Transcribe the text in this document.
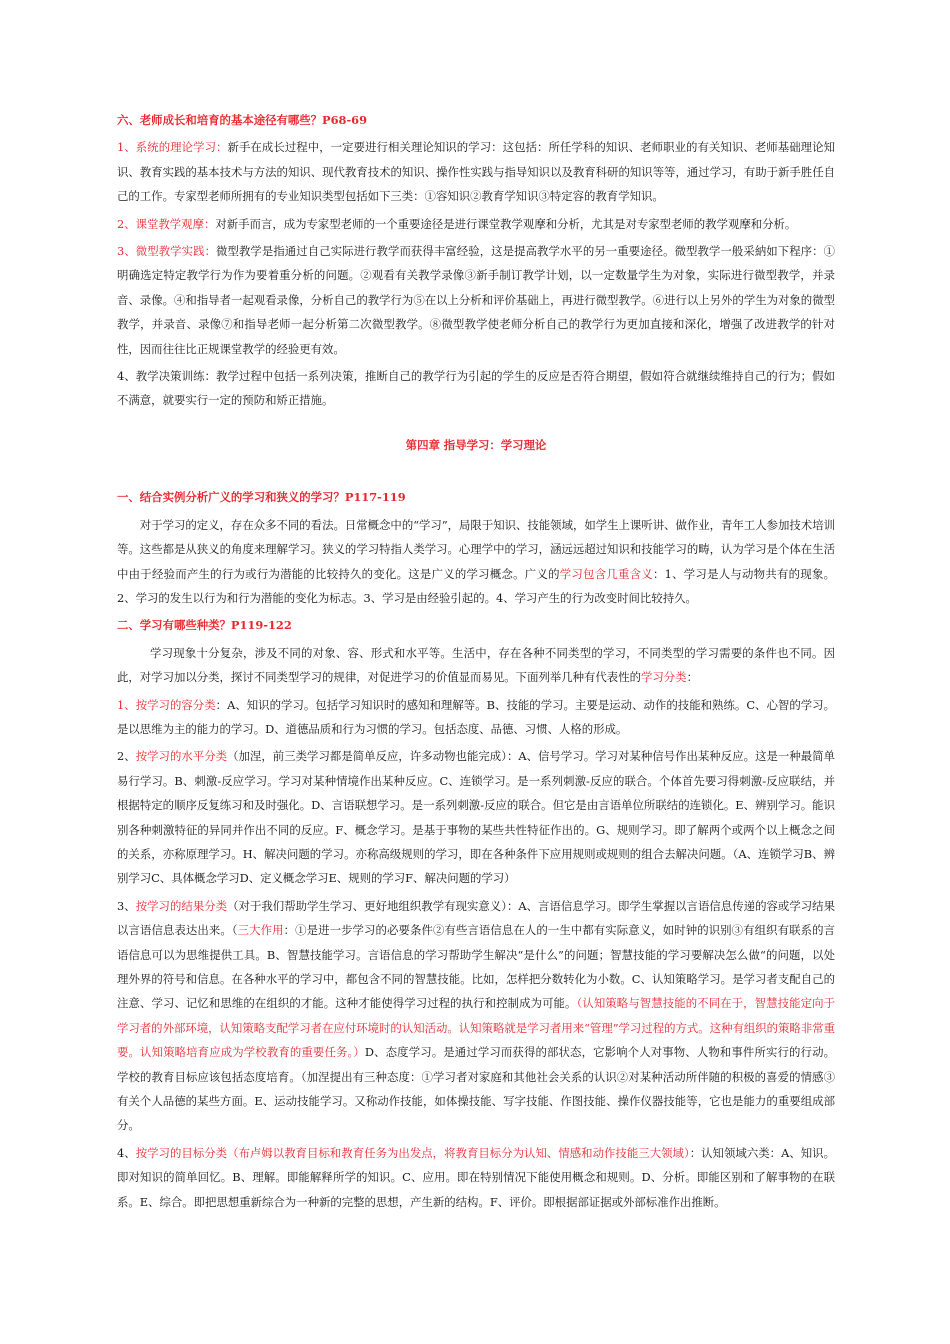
六、老师成长和培育的基本途径有哪些？P68-69

1、系统的理论学习：新手在成长过程中，一定要进行相关理论知识的学习：这包括：所任学科的知识、老师职业的有关知识、老师基础理论知识、教育实践的基本技术与方法的知识、现代教育技术的知识、操作性实践与指导知识以及教育科研的知识等等，通过学习，有助于新手胜任自己的工作。专家型老师所拥有的专业知识类型包括如下三类：①容知识②教育学知识③特定容的教育学知识。

2、课堂教学观摩：对新手而言，成为专家型老师的一个重要途径是进行课堂教学观摩和分析，尤其是对专家型老师的教学观摩和分析。

3、微型教学实践：微型教学是指通过自己实际进行教学而获得丰富经验，这是提高教学水平的另一重要途径。微型教学一般采納如下程序：①明确选定特定教学行为作为要着重分析的问题。②观看有关教学录像③新手制订教学计划，以一定数量学生为对象，实际进行微型教学，并录音、录像。④和指导者一起观看录像，分析自己的教学行为⑤在以上分析和评价基础上，再进行微型教学。⑥进行以上另外的学生为对象的微型教学，并录音、录像⑦和指导老师一起分析第二次微型教学。⑧微型教学使老师分析自己的教学行为更加直接和深化，增强了改进教学的针对性，因而往往比正规课堂教学的经验更有效。

4、教学决策训练：教学过程中包括一系列决策，推断自己的教学行为引起的学生的反应是否符合期望，假如符合就继续维持自己的行为；假如不满意，就要实行一定的预防和矫正措施。

第四章 指导学习：学习理论

一、结合实例分析广义的学习和狭义的学习？P117-119

对于学习的定义，存在众多不同的看法。日常概念中的“学习”，局限于知识、技能领域，如学生上课听讲、做作业，青年工人参加技术培训等。这些都是从狭义的角度来理解学习。狭义的学习特指人类学习。心理学中的学习，涵远远超过知识和技能学习的畴，认为学习是个体在生活中由于经验而产生的行为或行为潜能的比较持久的变化。这是广义的学习概念。广义的学习包含几重含义：1、学习是人与动物共有的现象。2、学习的发生以行为和行为潜能的变化为标志。3、学习是由经验引起的。4、学习产生的行为改变时间比较持久。

二、学习有哪些种类？P119-122

学习现象十分复杂，涉及不同的对象、容、形式和水平等。生活中，存在各种不同类型的学习，不同类型的学习需要的条件也不同。因此，对学习加以分类，探讨不同类型学习的规律，对促进学习的价值显而易见。下面列举几种有代表性的学习分类：

1、按学习的容分类：A、知识的学习。包括学习知识时的感知和理解等。B、技能的学习。主要是运动、动作的技能和熟练。C、心智的学习。是以思维为主的能力的学习。D、道德品质和行为习惯的学习。包括态度、品德、习惯、人格的形成。

2、按学习的水平分类（加涅，前三类学习都是简单反应，许多动物也能完成）：A、信号学习。学习对某种信号作出某种反应。这是一种最简单易行学习。B、刺激-反应学习。学习对某种情境作出某种反应。C、连锁学习。是一系列刺激-反应的联合。个体首先要习得刺激-反应联结，并根据特定的顺序反复练习和及时强化。D、言语联想学习。是一系列刺激-反应的联合。但它是由言语单位所联结的连锁化。E、辨别学习。能识别各种刺激特征的异同并作出不同的反应。F、概念学习。是基于事物的某些共性特征作出的。G、规则学习。即了解两个或两个以上概念之间的关系，亦称原理学习。H、解决问题的学习。亦称高级规则的学习，即在各种条件下应用规则或规则的组合去解决问题。（A、连锁学习B、辨别学习C、具体概念学习D、定义概念学习E、规则的学习F、解决问题的学习）

3、按学习的结果分类（对于我们帮助学生学习、更好地组织教学有现实意义）：A、言语信息学习。即学生掌握以言语信息传递的容或学习结果以言语信息表达出来。（三大作用：①是进一步学习的必要条件②有些言语信息在人的一生中都有实际意义，如时钟的识别③有组织有联系的言语信息可以为思维提供工具。B、智慧技能学习。言语信息的学习帮助学生解决“是什么”的问题；智慧技能的学习要解决怎么做“的问题，以处理外界的符号和信息。在各种水平的学习中，都包含不同的智慧技能。比如，怎样把分数转化为小数。C、认知策略学习。是学习者支配自己的注意、学习、记忆和思维的在组织的才能。这种才能使得学习过程的执行和控制成为可能。（认知策略与智慧技能的不同在于，智慧技能定向于学习者的外部环境，认知策略支配学习者在应付环境时的认知活动。认知策略就是学习者用来“管理”学习过程的方式。这种有组织的策略非常重要。认知策略培育应成为学校教育的重要任务。）D、态度学习。是通过学习而获得的部状态，它影响个人对事物、人物和事件所实行的行动。学校的教育目标应该包括态度培育。（加涅提出有三种态度：①学习者对家庭和其他社会关系的认识②对某种活动所伴随的积极的喜爱的情感③有关个人品德的某些方面。E、运动技能学习。又称动作技能，如体操技能、写字技能、作图技能、操作仪器技能等，它也是能力的重要组成部分。

4、按学习的目标分类（布卢姆以教育目标和教育任务为出发点，将教育目标分为认知、情感和动作技能三大领域）：认知领域六类：A、知识。即对知识的简单回忆。B、理解。即能解释所学的知识。C、应用。即在特别情况下能使用概念和规则。D、分析。即能区别和了解事物的在联系。E、综合。即把思想重新综合为一种新的完整的思想，产生新的结构。F、评价。即根据部证据或外部标准作出推断。
